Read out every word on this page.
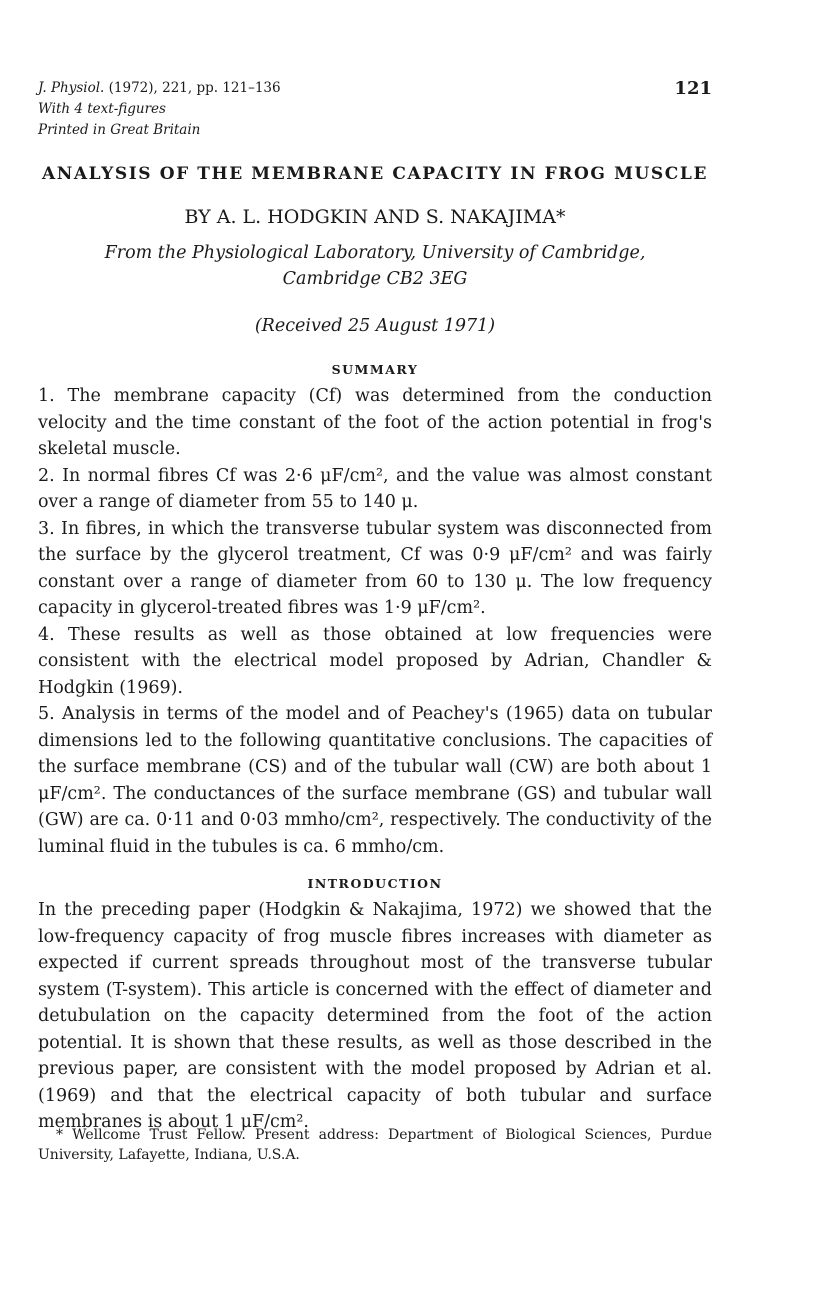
J. Physiol. (1972), 221, pp. 121–136
With 4 text-figures
Printed in Great Britain
121
ANALYSIS OF THE MEMBRANE CAPACITY IN FROG MUSCLE
BY A. L. HODGKIN AND S. NAKAJIMA*
From the Physiological Laboratory, University of Cambridge,
Cambridge CB2 3EG
(Received 25 August 1971)
SUMMARY

1. The membrane capacity (Cf) was determined from the conduction velocity and the time constant of the foot of the action potential in frog's skeletal muscle.

2. In normal fibres Cf was 2·6 μF/cm², and the value was almost constant over a range of diameter from 55 to 140 μ.

3. In fibres, in which the transverse tubular system was disconnected from the surface by the glycerol treatment, Cf was 0·9 μF/cm² and was fairly constant over a range of diameter from 60 to 130 μ. The low frequency capacity in glycerol-treated fibres was 1·9 μF/cm².

4. These results as well as those obtained at low frequencies were consistent with the electrical model proposed by Adrian, Chandler & Hodgkin (1969).

5. Analysis in terms of the model and of Peachey's (1965) data on tubular dimensions led to the following quantitative conclusions. The capacities of the surface membrane (CS) and of the tubular wall (CW) are both about 1 μF/cm². The conductances of the surface membrane (GS) and tubular wall (GW) are ca. 0·11 and 0·03 mmho/cm², respectively. The conductivity of the luminal fluid in the tubules is ca. 6 mmho/cm.

INTRODUCTION

In the preceding paper (Hodgkin & Nakajima, 1972) we showed that the low-frequency capacity of frog muscle fibres increases with diameter as expected if current spreads throughout most of the transverse tubular system (T-system). This article is concerned with the effect of diameter and detubulation on the capacity determined from the foot of the action potential. It is shown that these results, as well as those described in the previous paper, are consistent with the model proposed by Adrian et al. (1969) and that the electrical capacity of both tubular and surface membranes is about 1 μF/cm².

* Wellcome Trust Fellow. Present address: Department of Biological Sciences, Purdue University, Lafayette, Indiana, U.S.A.
